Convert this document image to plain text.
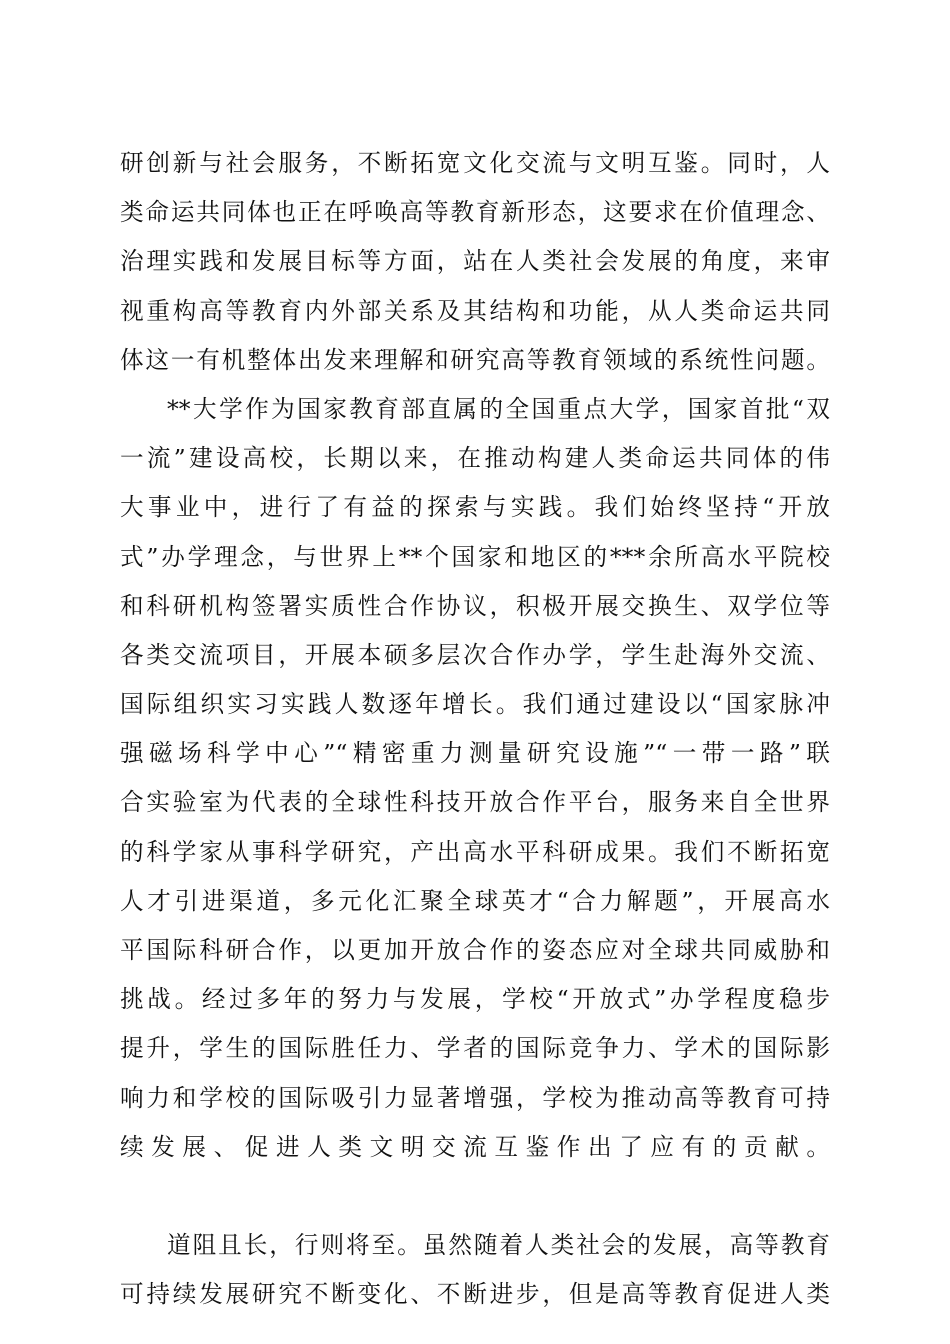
研创新与社会服务，不断拓宽文化交流与文明互鉴。同时，人
类命运共同体也正在呼唤高等教育新形态，这要求在价值理念、
治理实践和发展目标等方面，站在人类社会发展的角度，来审
视重构高等教育内外部关系及其结构和功能，从人类命运共同
体这一有机整体出发来理解和研究高等教育领域的系统性问题。
**大学作为国家教育部直属的全国重点大学，国家首批“双
一流”建设高校，长期以来，在推动构建人类命运共同体的伟
大事业中，进行了有益的探索与实践。我们始终坚持“开放
式”办学理念，与世界上**个国家和地区的***余所高水平院校
和科研机构签署实质性合作协议，积极开展交换生、双学位等
各类交流项目，开展本硕多层次合作办学，学生赴海外交流、
国际组织实习实践人数逐年增长。我们通过建设以“国家脉冲
强磁场科学中心”“精密重力测量研究设施”“一带一路”联
合实验室为代表的全球性科技开放合作平台，服务来自全世界
的科学家从事科学研究，产出高水平科研成果。我们不断拓宽
人才引进渠道，多元化汇聚全球英才“合力解题”，开展高水
平国际科研合作，以更加开放合作的姿态应对全球共同威胁和
挑战。经过多年的努力与发展，学校“开放式”办学程度稳步
提升，学生的国际胜任力、学者的国际竞争力、学术的国际影
响力和学校的国际吸引力显著增强，学校为推动高等教育可持
续发展、促进人类文明交流互鉴作出了应有的贡献。
道阻且长，行则将至。虽然随着人类社会的发展，高等教育
可持续发展研究不断变化、不断进步，但是高等教育促进人类
